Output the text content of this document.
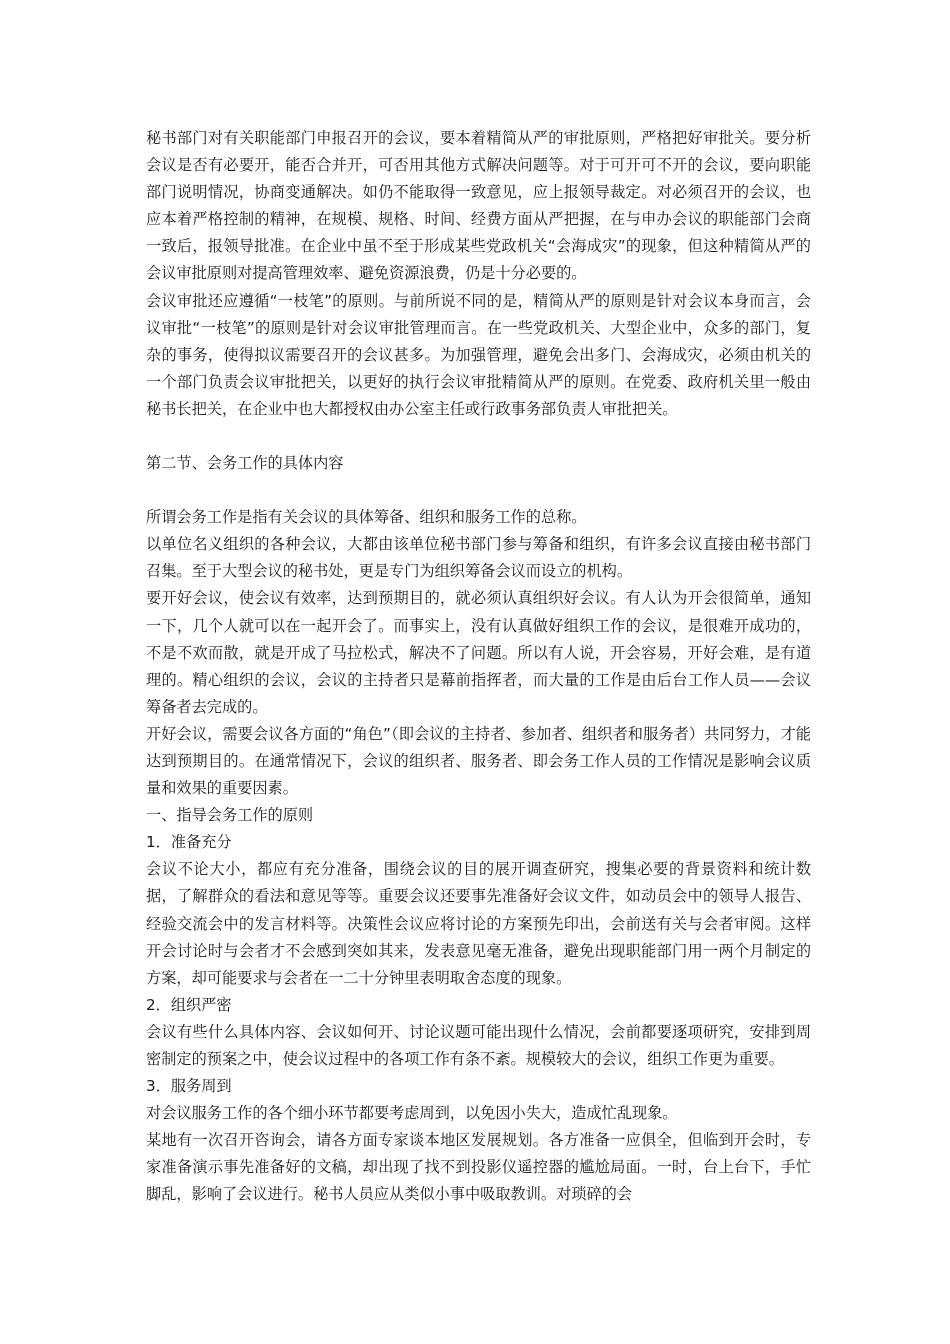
秘书部门对有关职能部门申报召开的会议，要本着精简从严的审批原则，严格把好审批关。要分析会议是否有必要开，能否合并开，可否用其他方式解决问题等。对于可开可不开的会议，要向职能部门说明情况，协商变通解决。如仍不能取得一致意见，应上报领导裁定。对必须召开的会议，也应本着严格控制的精神，在规模、规格、时间、经费方面从严把握，在与申办会议的职能部门会商一致后，报领导批准。在企业中虽不至于形成某些党政机关“会海成灾”的现象，但这种精简从严的会议审批原则对提高管理效率、避免资源浪费，仍是十分必要的。

会议审批还应遵循“一枝笔”的原则。与前所说不同的是，精简从严的原则是针对会议本身而言，会议审批“一枝笔”的原则是针对会议审批管理而言。在一些党政机关、大型企业中，众多的部门，复杂的事务，使得拟议需要召开的会议甚多。为加强管理，避免会出多门、会海成灾，必须由机关的一个部门负责会议审批把关，以更好的执行会议审批精简从严的原则。在党委、政府机关里一般由秘书长把关，在企业中也大都授权由办公室主任或行政事务部负责人审批把关。

第二节、会务工作的具体内容

所谓会务工作是指有关会议的具体筹备、组织和服务工作的总称。

以单位名义组织的各种会议，大都由该单位秘书部门参与筹备和组织，有许多会议直接由秘书部门召集。至于大型会议的秘书处，更是专门为组织筹备会议而设立的机构。

要开好会议，使会议有效率，达到预期目的，就必须认真组织好会议。有人认为开会很简单，通知一下，几个人就可以在一起开会了。而事实上，没有认真做好组织工作的会议，是很难开成功的，不是不欢而散，就是开成了马拉松式，解决不了问题。所以有人说，开会容易，开好会难，是有道理的。精心组织的会议，会议的主持者只是幕前指挥者，而大量的工作是由后台工作人员——会议筹备者去完成的。

开好会议，需要会议各方面的“角色”（即会议的主持者、参加者、组织者和服务者）共同努力，才能达到预期目的。在通常情况下，会议的组织者、服务者、即会务工作人员的工作情况是影响会议质量和效果的重要因素。

一、指导会务工作的原则

1．准备充分

会议不论大小，都应有充分准备，围绕会议的目的展开调查研究，搜集必要的背景资料和统计数据，了解群众的看法和意见等等。重要会议还要事先准备好会议文件，如动员会中的领导人报告、经验交流会中的发言材料等。决策性会议应将讨论的方案预先印出，会前送有关与会者审阅。这样开会讨论时与会者才不会感到突如其来，发表意见毫无准备，避免出现职能部门用一两个月制定的方案，却可能要求与会者在一二十分钟里表明取舍态度的现象。

2．组织严密

会议有些什么具体内容、会议如何开、讨论议题可能出现什么情况，会前都要逐项研究，安排到周密制定的预案之中，使会议过程中的各项工作有条不紊。规模较大的会议，组织工作更为重要。

3．服务周到

对会议服务工作的各个细小环节都要考虑周到，以免因小失大，造成忙乱现象。

某地有一次召开咨询会，请各方面专家谈本地区发展规划。各方准备一应俱全，但临到开会时，专家准备演示事先准备好的文稿，却出现了找不到投影仪遥控器的尴尬局面。一时，台上台下，手忙脚乱，影响了会议进行。秘书人员应从类似小事中吸取教训。对琐碎的会
